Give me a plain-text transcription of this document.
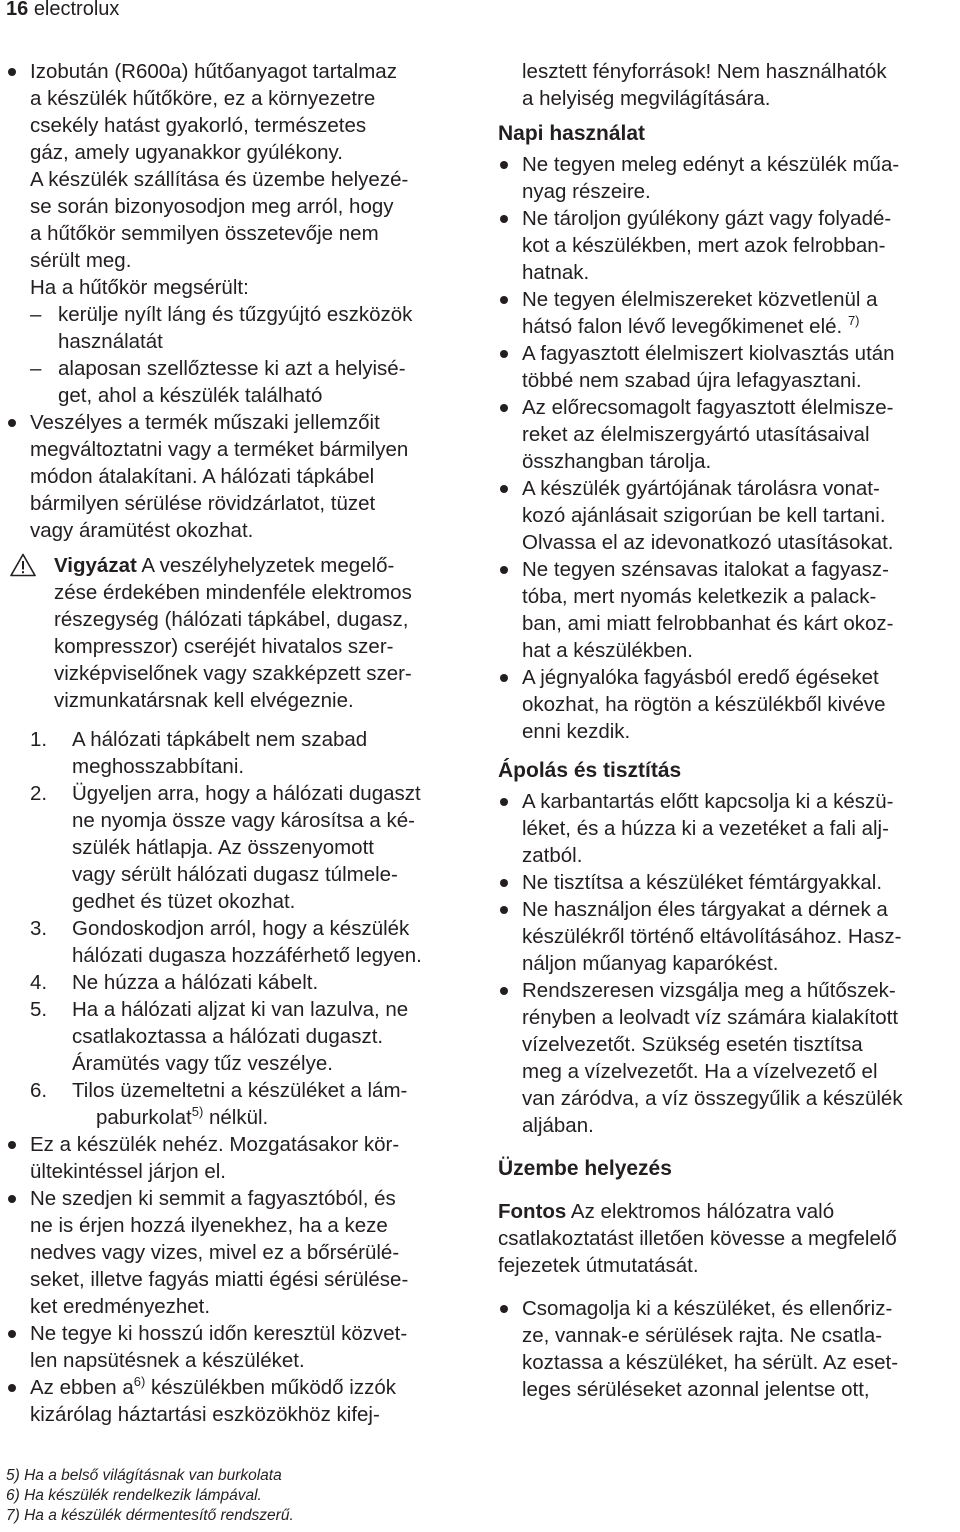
16 electrolux
Izobután (R600a) hűtőanyagot tartalmaz
a készülék hűtőköre, ez a környezetre
csekély hatást gyakorló, természetes
gáz, amely ugyanakkor gyúlékony.
A készülék szállítása és üzembe helyezé-
se során bizonyosodjon meg arról, hogy
a hűtőkör semmilyen összetevője nem
sérült meg.
Ha a hűtőkör megsérült:
– kerülje nyílt láng és tűzgyújtó eszközök
használatát
– alaposan szellőztesse ki azt a helyisé-
get, ahol a készülék található
Veszélyes a termék műszaki jellemzőit
megváltoztatni vagy a terméket bármilyen
módon átalakítani. A hálózati tápkábel
bármilyen sérülése rövidzárlatot, tüzet
vagy áramütést okozhat.
Vigyázat A veszélyhelyzetek megelő-
zése érdekében mindenféle elektromos
részegység (hálózati tápkábel, dugasz,
kompresszor) cseréjét hivatalos szer-
vizképviselőnek vagy szakképzett szer-
vizmunkatársnak kell elvégeznie.
1. A hálózati tápkábelt nem szabad
meghosszabbítani.
2. Ügyeljen arra, hogy a hálózati dugaszt
ne nyomja össze vagy károsítsa a ké-
szülék hátlapja. Az összenyomott
vagy sérült hálózati dugasz túlmele-
gedhet és tüzet okozhat.
3. Gondoskodjon arról, hogy a készülék
hálózati dugasza hozzáférhető legyen.
4. Ne húzza a hálózati kábelt.
5. Ha a hálózati aljzat ki van lazulva, ne
csatlakoztassa a hálózati dugaszt.
Áramütés vagy tűz veszélye.
6. Tilos üzemeltetni a készüléket a lám-
paburkolat$^{5)}$ nélkül.
Ez a készülék nehéz. Mozgatásakor kör-
ültekintéssel járjon el.
Ne szedjen ki semmit a fagyasztóból, és
ne is érjen hozzá ilyenekhez, ha a keze
nedves vagy vizes, mivel ez a bőrsérülé-
seket, illetve fagyás miatti égési sérülése-
ket eredményezhet.
Ne tegye ki hosszú időn keresztül közvet-
len napsütésnek a készüléket.
Az ebben $a^{6)}$ készülékben működő izzók
kizárólag háztartási eszközökhöz kifej-
lesztett fényforrások! Nem használhatók
a helyiség megvilágítására.
Napi használat
Ne tegyen meleg edényt a készülék műa-
nyag részeire.
Ne tároljon gyúlékony gázt vagy folyadé-
kot a készülékben, mert azok felrobban-
hatnak.
Ne tegyen élelmiszereket közvetlenül a
hátsó falon lévő levegőkimenet elé. $^{7)}$
A fagyasztott élelmiszert kiolvasztás után
többé nem szabad újra lefagyasztani.
Az előrecsomagolt fagyasztott élelmisze-
reket az élelmiszergyártó utasításaival
összhangban tárolja.
A készülék gyártójának tárolásra vonat-
kozó ajánlásait szigorúan be kell tartani.
Olvassa el az idevonatkozó utasításokat.
Ne tegyen szénsavas italokat a fagyasz-
tóba, mert nyomás keletkezik a palack-
ban, ami miatt felrobbanhat és kárt okoz-
hat a készülékben.
A jégnyalóka fagyásból eredő égéseket
okozhat, ha rögtön a készülékből kivéve
enni kezdik.
Ápolás és tisztítás
A karbantartás előtt kapcsolja ki a készü-
léket, és a húzza ki a vezetéket a fali alj-
zatból.
Ne tisztítsa a készüléket fémtárgyakkal.
Ne használjon éles tárgyakat a dérnek a
készülékről történő eltávolításához. Hasz-
náljon műanyag kaparókést.
Rendszeresen vizsgálja meg a hűtőszek-
rényben a leolvadt víz számára kialakított
vízelvezetőt. Szükség esetén tisztítsa
meg a vízelvezetőt. Ha a vízelvezető el
van záródva, a víz összegyűlik a készülék
aljában.
Üzembe helyezés
Fontos Az elektromos hálózatra való
csatlakoztatást illetően kövesse a megfelelő
fejezetek útmutatását.
Csomagolja ki a készüléket, és ellenőriz-
ze, vannak-e sérülések rajta. Ne csatla-
koztassa a készüléket, ha sérült. Az eset-
leges sérüléseket azonnal jelentse ott,
5) Ha a belső világításnak van burkolata
6) Ha készülék rendelkezik lámpával.
7) Ha a készülék dérmentesítő rendszerű.
